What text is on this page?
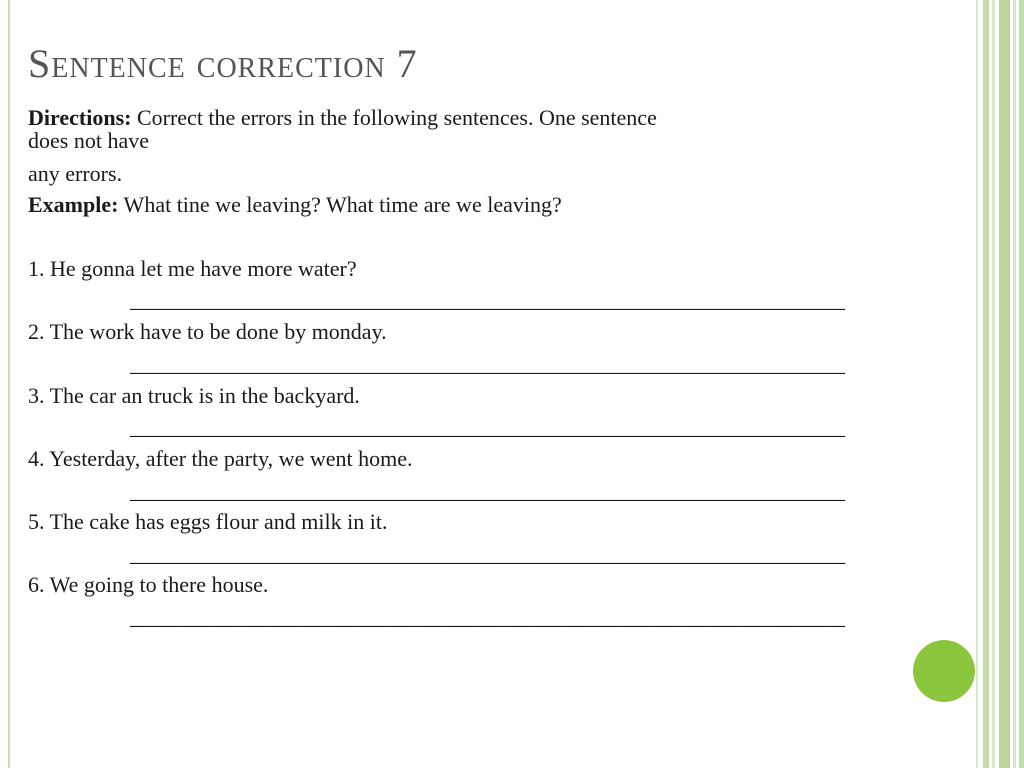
Sentence correction 7
Directions: Correct the errors in the following sentences. One sentence
does not have
any errors.
Example: What tine we leaving? What time are we leaving?
1. He gonna let me have more water?
_________________________________________________________________
2. The work have to be done by monday.
_________________________________________________________________
3. The car an truck is in the backyard.
_________________________________________________________________
4. Yesterday, after the party, we went home.
_________________________________________________________________
5. The cake has eggs flour and milk in it.
_________________________________________________________________
6. We going to there house.
_________________________________________________________________
